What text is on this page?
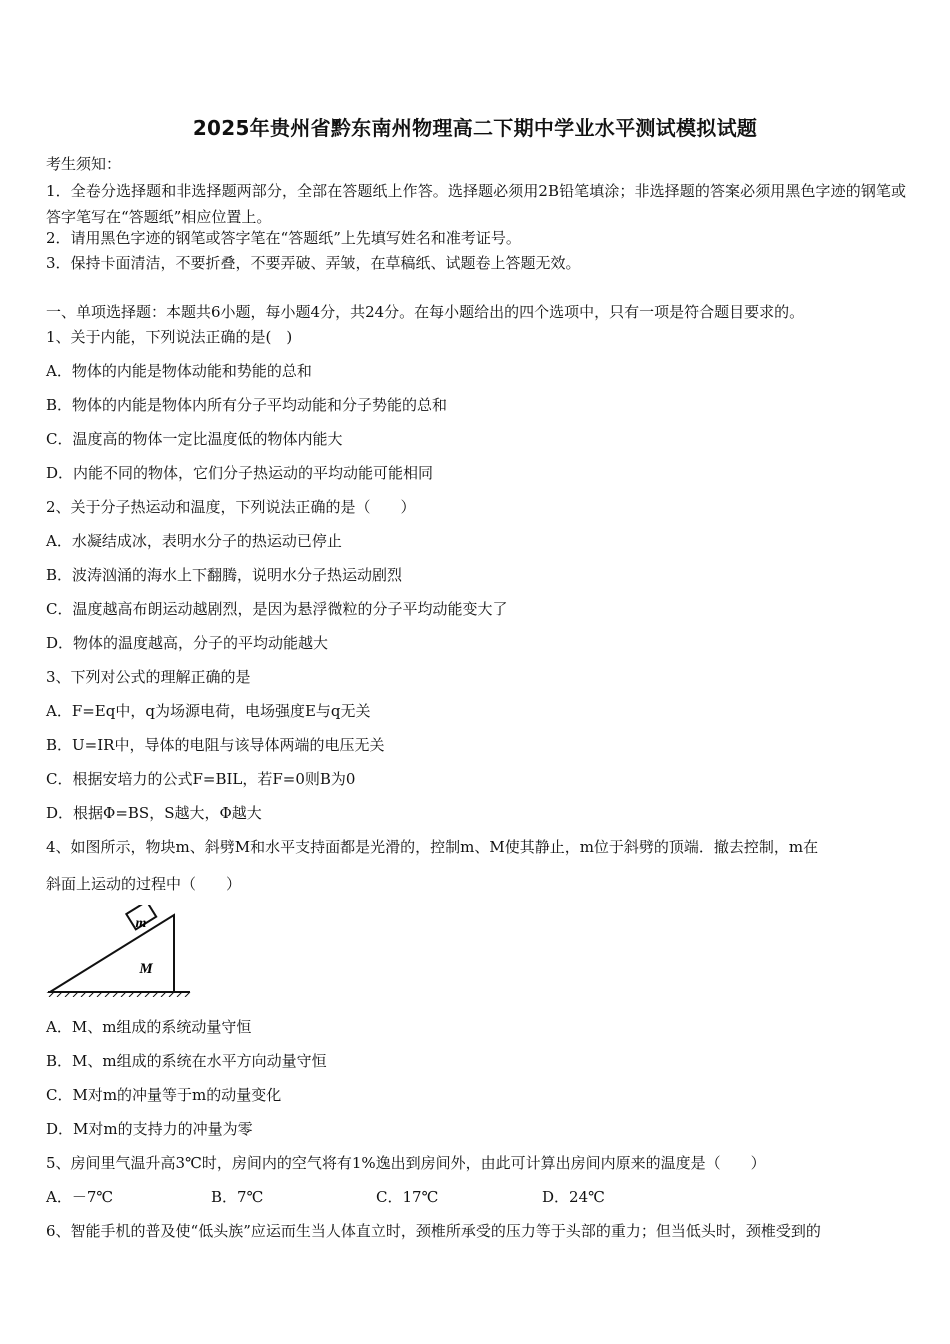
2025年贵州省黔东南州物理高二下期中学业水平测试模拟试题
考生须知：
1．全卷分选择题和非选择题两部分，全部在答题纸上作答。选择题必须用2B铅笔填涂；非选择题的答案必须用黑色字迹的钢笔或答字笔写在“答题纸”相应位置上。
2．请用黑色字迹的钢笔或答字笔在“答题纸”上先填写姓名和准考证号。
3．保持卡面清洁，不要折叠，不要弄破、弄皱，在草稿纸、试题卷上答题无效。
一、单项选择题：本题共6小题，每小题4分，共24分。在每小题给出的四个选项中，只有一项是符合题目要求的。
1、关于内能，下列说法正确的是(　)
A．物体的内能是物体动能和势能的总和
B．物体的内能是物体内所有分子平均动能和分子势能的总和
C．温度高的物体一定比温度低的物体内能大
D．内能不同的物体，它们分子热运动的平均动能可能相同
2、关于分子热运动和温度，下列说法正确的是（　　）
A．水凝结成冰，表明水分子的热运动已停止
B．波涛汹涌的海水上下翻腾，说明水分子热运动剧烈
C．温度越高布朗运动越剧烈，是因为悬浮微粒的分子平均动能变大了
D．物体的温度越高，分子的平均动能越大
3、下列对公式的理解正确的是
A．F=Eq中，q为场源电荷，电场强度E与q无关
B．U=IR中，导体的电阻与该导体两端的电压无关
C．根据安培力的公式F=BIL，若F=0则B为0
D．根据Φ=BS，S越大，Φ越大
4、如图所示，物块m、斜劈M和水平支持面都是光滑的，控制m、M使其静止，m位于斜劈的顶端．撤去控制，m在
斜面上运动的过程中（　　）
m
M
A．M、m组成的系统动量守恒
B．M、m组成的系统在水平方向动量守恒
C．M对m的冲量等于m的动量变化
D．M对m的支持力的冲量为零
5、房间里气温升高3℃时，房间内的空气将有1%逸出到房间外，由此可计算出房间内原来的温度是（　　）
A．－7℃	B．7℃	C．17℃	D．24℃
6、智能手机的普及使“低头族”应运而生当人体直立时，颈椎所承受的压力等于头部的重力；但当低头时，颈椎受到的
